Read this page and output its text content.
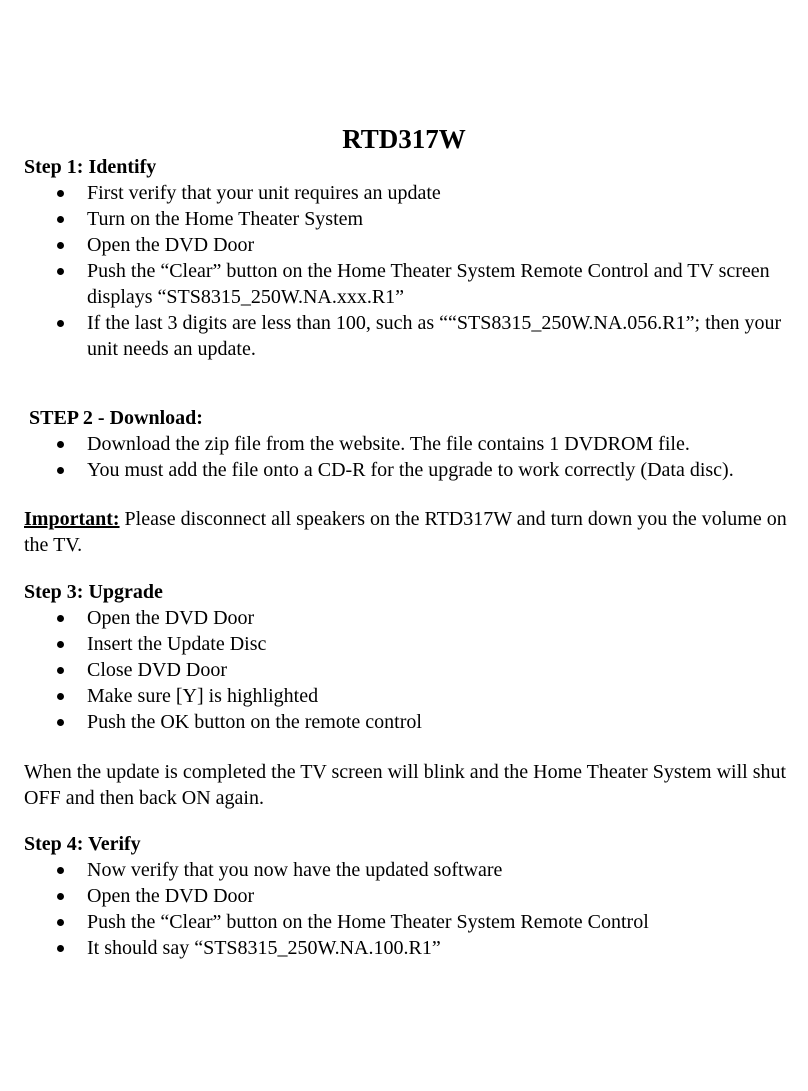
RTD317W
Step 1: Identify
First verify that your unit requires an update
Turn on the Home Theater System
Open the DVD Door
Push the “Clear” button on the Home Theater System Remote Control and TV screen displays “STS8315_250W.NA.xxx.R1”
If the last 3 digits are less than 100, such as ““STS8315_250W.NA.056.R1”; then your unit needs an update.
STEP 2 - Download:
Download the zip file from the website. The file contains 1 DVDROM file.
You must add the file onto a CD-R for the upgrade to work correctly (Data disc).
Important: Please disconnect all speakers on the RTD317W and turn down you the volume on the TV.
Step 3: Upgrade
Open the DVD Door
Insert the Update Disc
Close DVD Door
Make sure [Y] is highlighted
Push the OK button on the remote control
When the update is completed the TV screen will blink and the Home Theater System will shut OFF and then back ON again.
Step 4: Verify
Now verify that you now have the updated software
Open the DVD Door
Push the “Clear” button on the Home Theater System Remote Control
It should say “STS8315_250W.NA.100.R1”
